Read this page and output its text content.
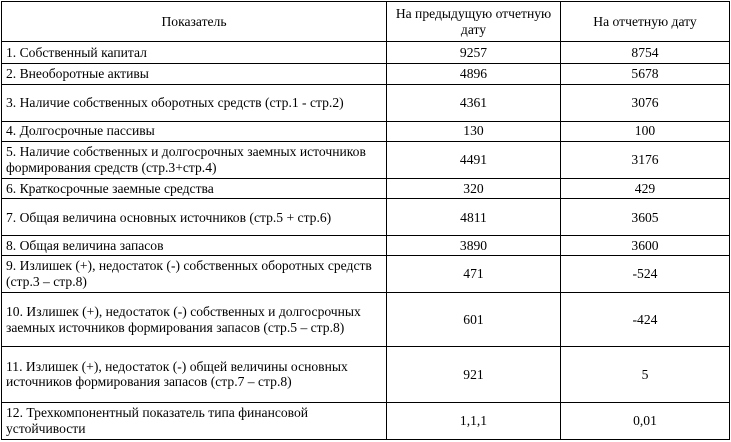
Показатель	На предыдущую отчетную дату	На отчетную дату
1. Собственный капитал	9257	8754
2. Внеоборотные активы	4896	5678
3. Наличие собственных оборотных средств (стр.1 - стр.2)	4361	3076
4. Долгосрочные пассивы	130	100
5. Наличие собственных и долгосрочных заемных источников формирования средств (стр.3+стр.4)	4491	3176
6. Краткосрочные заемные средства	320	429
7. Общая величина основных источников (стр.5 + стр.6)	4811	3605
8. Общая величина запасов	3890	3600
9. Излишек (+), недостаток (-) собственных оборотных средств (стр.3 – стр.8)	471	-524
10. Излишек (+), недостаток (-) собственных и долгосрочных заемных источников формирования запасов (стр.5 – стр.8)	601	-424
11. Излишек (+), недостаток (-) общей величины основных источников формирования запасов (стр.7 – стр.8)	921	5
12. Трехкомпонентный показатель типа финансовой устойчивости	1,1,1	0,01
